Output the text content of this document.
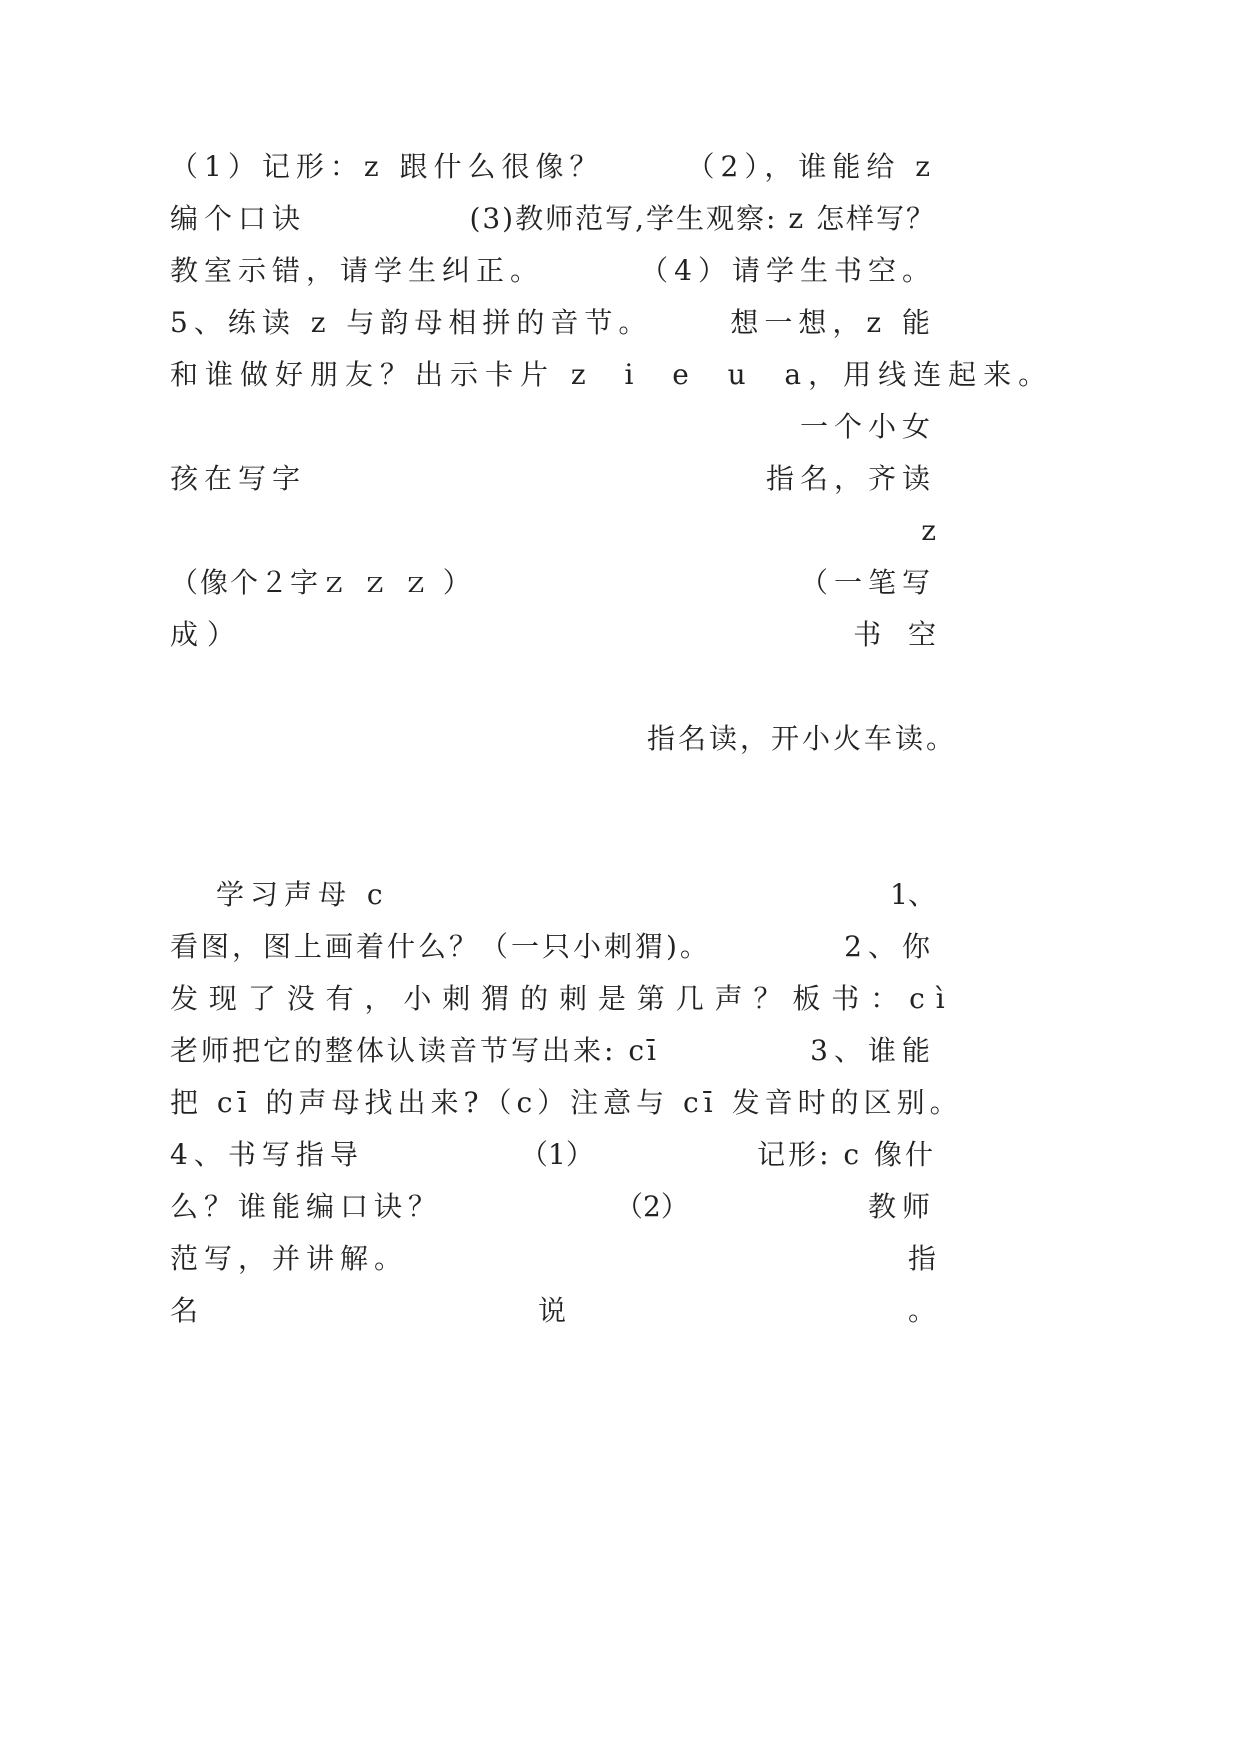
（1）记形：z 跟什么很像？	（2），谁能给 z
编个口诀	(3)教师范写,学生观察: z 怎样写？
教室示错，请学生纠正。	（4）请学生书空。
5、练读 z 与韵母相拼的音节。	想一想，z 能
和谁做好朋友？出示卡片 z  i  e  u  a，用线连起来。
一个小女
孩在写字	指名，齐读
z
（像个２字ｚ ｚ ｚ ）	（一笔写
成 ）	书   空
指名读，开小火车读。
学习声母 c	1、
看图，图上画着什么？（一只小刺猬)。	2、你
发 现 了 没 有 ， 小 刺 猬 的 刺 是 第 几 声 ？ 板 书 ： c ì
老师把它的整体认读音节写出来: cī	3、谁能
把 cī 的声母找出来?（c）注意与 cī 发音时的区别。
4、书写指导	（1）	记形: c 像什
么？谁能编口诀？	（2）	教师
范写，并讲解。	指
名	说	。
